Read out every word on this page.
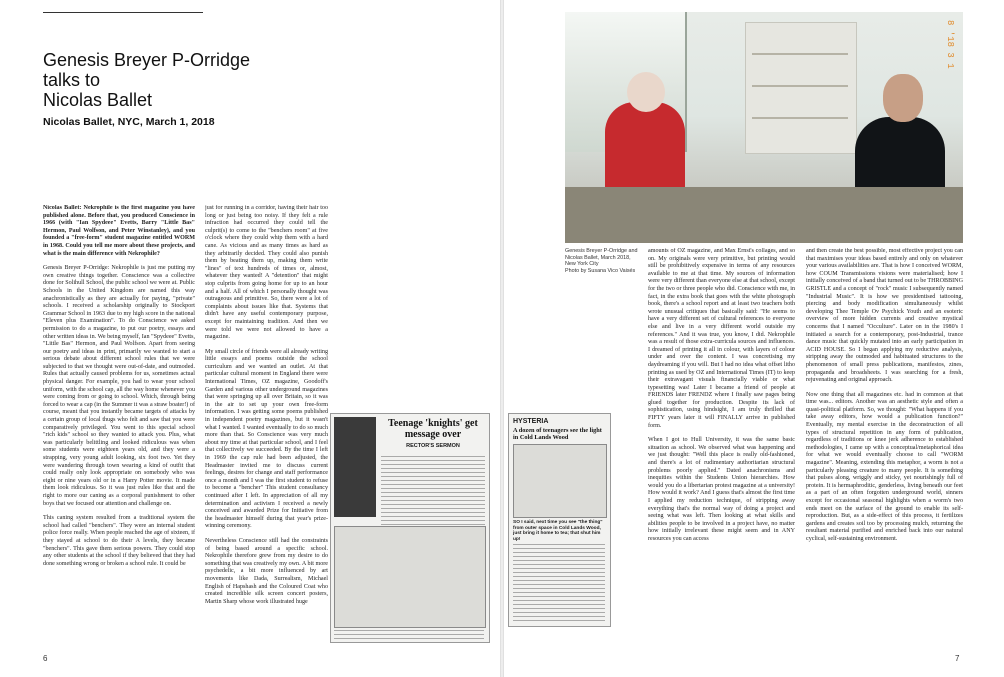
Genesis Breyer P-Orridge
talks to
Nicolas Ballet
Nicolas Ballet, NYC, March 1, 2018

Nicolas Ballet: Nekrophile is the first magazine you have published alone. Before that, you produced Conscience in 1966 (with "Ian Spydeee" Evetts, Barry "Little Bas" Hermon, Paul Wolfson, and Peter Winstanley), and you founded a "free-form" student magazine entitled WORM in 1968. Could you tell me more about these projects, and what is the main difference with Nekrophile?

Genesis Breyer P-Orridge: Nekrophile is just me putting my own creative things together. Conscience was a collective done for Solihull School, the public school we were at. Public Schools in the United Kingdom are named this way anachronistically as they are actually for paying, "private" schools. I received a scholarship originally to Stockport Grammar School in 1963 due to my high score in the national "Eleven plus Examination". To do Conscience we asked permission to do a magazine, to put our poetry, essays and other written ideas in. We being myself, Ian "Spydeee" Evetts, "Little Bas" Hermon, and Paul Wolfson. Apart from seeing our poetry and ideas in print, primarily we wanted to start a serious debate about different school rules that we were subjected to that we thought were out-of-date, and outmoded. Rules that actually caused problems for us, sometimes actual physical danger. For example, you had to wear your school uniform, with the school cap, all the way home whenever you were coming from or going to school. Which, through being forced to wear a cap (in the Summer it was a straw boater!) of course, meant that you instantly became targets of attacks by a certain group of local thugs who felt and saw that you were comparatively privileged. You went to this special school "rich kids" school so they wanted to attack you. Plus, what was particularly belittling and looked ridiculous was when some students were eighteen years old, and they were a strapping, very young adult looking, six foot two. Yet they were wandering through town wearing a kind of outfit that could really only look appropriate on somebody who was eight or nine years old or in a Harry Potter movie. It made them look ridiculous. So it was just rules like that and the right to more our caning as a corporal punishment to other boys that we focused our attention and challenge on.

This caning system resulted from a traditional system the school had called "benchers". They were an internal student police force really. When people reached the age of sixteen, if they stayed at school to do their A levels, they became "benchers". This gave them serious powers. They could stop any other students at the school if they believed that they had done something wrong or broken a school rule. It could be

just for running in a corridor, having their hair too long or just being too noisy. If they felt a rule infraction had occurred they could tell the culprit(s) to come to the "benchers room" at five o'clock where they could whip them with a hard cane. As vicious and as many times as hard as they arbitrarily decided. They could also punish them by beating them up, making them write "lines" of text hundreds of times or, almost, whatever they wanted! A "detention" that might stop culprits from going home for up to an hour and a half. All of which I personally thought was outrageous and primitive. So, there were a lot of complaints about issues like that. Systems that didn't have any useful contemporary purpose, except for maintaining tradition. And then we were told we were not allowed to have a magazine.

My small circle of friends were all already writing little essays and poems outside the school curriculum and we wanted an outlet. At that particular cultural moment in England there were International Times, OZ magazine, Goodoff's Garden and various other underground magazines that were springing up all over Britain, so it was in the air to set up your own free-form information. I was getting some poems published in independent poetry magazines, but it wasn't what I wanted. I wanted eventually to do so much more than that. So Conscience was very much about my time at that particular school, and I feel that collectively we succeeded. By the time I left in 1969 the cap rule had been adjusted, the Headmaster invited me to discuss current feelings, desires for change and staff performance once a month and I was the first student to refuse to become a "bencher" This student consultancy continued after I left. In appreciation of all my determination and activism I received a newly conceived and awarded Prize for Initiative from the headmaster himself during that year's prize-winning ceremony.

Nevertheless Conscience still had the constraints of being based around a specific school. Nekrophile therefore grew from my desire to do something that was creatively my own. A bit more psychedelic, a bit more influenced by art movements like Dada, Surrealism, Michael English of Hapshash and the Coloured Coat who created incredible silk screen concert posters, Martin Sharp whose work illustrated huge

6
8 '18 3 1
Genesis Breyer P-Orridge and
Nicolas Ballet, March 2018,
New York City
Photo by Susana Vico Vaisés

amounts of OZ magazine, and Max Ernst's collages, and so on. My originals were very primitive, but printing would still be prohibitively expensive in terms of any resources available to me at that time. My sources of information were very different than everyone else at that school, except for the two or three people who did. Conscience with me, in fact, in the extra book that goes with the white photograph book, there's a school report and at least two teachers both wrote unusual critiques that basically said: "He seems to have a very different set of cultural references to everyone else and live in a very different world outside my references." And it was true, you know, I did. Nekrophile was a result of those extra-curricula sources and influences. I dreamed of printing it all in colour, with layers of colour under and over the content. I was concretising my daydreaming if you will. But I had no idea what offset litho printing as used by OZ and International Times (IT) to keep their extravagant visuals financially viable or what typesetting was! Later I became a friend of people at FRIENDS later FRENDZ where I finally saw pages being glued together for production. Despite its lack of sophistication, using hindsight, I am truly thrilled that FIFTY years later it will FINALLY arrive in published form.

When I got to Hull University, it was the same basic situation as school. We observed what was happening and we just thought: "Well this place is really old-fashioned, and there's a lot of rudimentary authoritarian structural problems poorly applied." Dated anachronisms and inequities within the Students Union hierarchies. How would you do a libertarian protest magazine at a university! How would it work? And I guess that's almost the first time I applied my reduction technique, of stripping away everything that's the normal way of doing a project and seeing what was left. Then looking at what skills and abilities people to be involved in a project have, no matter how initially irrelevant these might seem and in ANY resources you can access

and then create the best possible, most effective project you can that maximises your ideas based entirely and only on whatever your various availabilities are. That is how I conceived WORM, how COUM Transmissions visions were materialised; how I initially conceived of a band that turned out to be THROBBING GRISTLE and a concept of "rock" music I subsequently named "Industrial Music". It is how we presidentised tattooing, piercing and body modification simultaneously whilst developing Thee Temple Ov Psychick Youth and an esoteric overview of more hidden currents and creative mystical concerns that I named "Occulture". Later on in the 1980's I initiated a search for a contemporary, post-Industrial, trance dance music that quickly mutated into an early participation in ACID HOUSE. So I began applying my reductive analysis, stripping away the outmoded and habituated structures to the phenomenon of small press publications, manifestos, zines, propaganda and broadsheets. I was searching for a fresh, rejuvenating and original approach.

Now one thing that all magazines etc. had in common at that time was... editors. Another was an aesthetic style and often a quasi-political platform. So, we thought: "What happens if you take away editors, how would a publication function?" Eventually, my mental exercise in the deconstruction of all types of structural repetition in any form of publication, regardless of traditions or knee jerk adherence to established methodologies, I came up with a conceptual/metaphorical idea for what we would eventually choose to call "WORM magazine". Meaning, extending this metaphor, a worm is not a particularly pleasing creature to many people. It is something that pulses along, wriggly and sticky, yet nourishingly full of protein. It is hermaphroditic, genderless, living beneath our feet as a part of an often forgotten underground world, sinners except for occasional seasonal highlights when a worm's two ends meet on the surface of the ground to enable its self-reproduction. But, as a side-effect of this process, it fertilizes gardens and creates soil too by processing mulch, returning the resultant material purified and enriched back into our natural cyclical, self-sustaining environment.

7
Teenage 'knights' get message over
RECTOR'S SERMON
HYSTERIA
A dozen of teenagers see the light in Cold Lands Wood
SO I said, next time you see "the thing" from outer space in Cold Lands Wood, just bring it home to tea; that shut him up!
